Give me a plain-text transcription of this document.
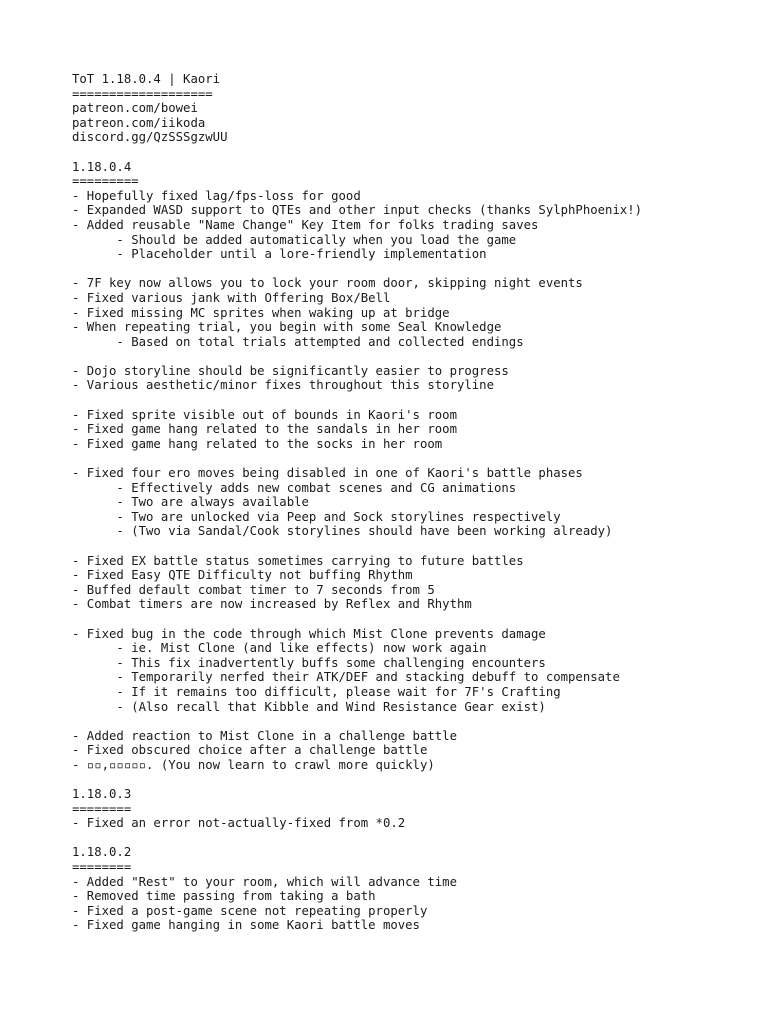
ToT 1.18.0.4 | Kaori
===================
patreon.com/bowei
patreon.com/iikoda
discord.gg/QzSSSgzwUU
1.18.0.4
=========
- Hopefully fixed lag/fps-loss for good
- Expanded WASD support to QTEs and other input checks (thanks SylphPhoenix!)
- Added reusable "Name Change" Key Item for folks trading saves
- Should be added automatically when you load the game
- Placeholder until a lore-friendly implementation
- 7F key now allows you to lock your room door, skipping night events
- Fixed various jank with Offering Box/Bell
- Fixed missing MC sprites when waking up at bridge
- When repeating trial, you begin with some Seal Knowledge
- Based on total trials attempted and collected endings
- Dojo storyline should be significantly easier to progress
- Various aesthetic/minor fixes throughout this storyline
- Fixed sprite visible out of bounds in Kaori's room
- Fixed game hang related to the sandals in her room
- Fixed game hang related to the socks in her room
- Fixed four ero moves being disabled in one of Kaori's battle phases
- Effectively adds new combat scenes and CG animations
- Two are always available
- Two are unlocked via Peep and Sock storylines respectively
- (Two via Sandal/Cook storylines should have been working already)
- Fixed EX battle status sometimes carrying to future battles
- Fixed Easy QTE Difficulty not buffing Rhythm
- Buffed default combat timer to 7 seconds from 5
- Combat timers are now increased by Reflex and Rhythm
- Fixed bug in the code through which Mist Clone prevents damage
- ie. Mist Clone (and like effects) now work again
- This fix inadvertently buffs some challenging encounters
- Temporarily nerfed their ATK/DEF and stacking debuff to compensate
- If it remains too difficult, please wait for 7F's Crafting
- (Also recall that Kibble and Wind Resistance Gear exist)
- Added reaction to Mist Clone in a challenge battle
- Fixed obscured choice after a challenge battle
- ▫▫,▫▫▫▫▫. (You now learn to crawl more quickly)
1.18.0.3
========
- Fixed an error not-actually-fixed from *0.2
1.18.0.2
========
- Added "Rest" to your room, which will advance time
- Removed time passing from taking a bath
- Fixed a post-game scene not repeating properly
- Fixed game hanging in some Kaori battle moves
